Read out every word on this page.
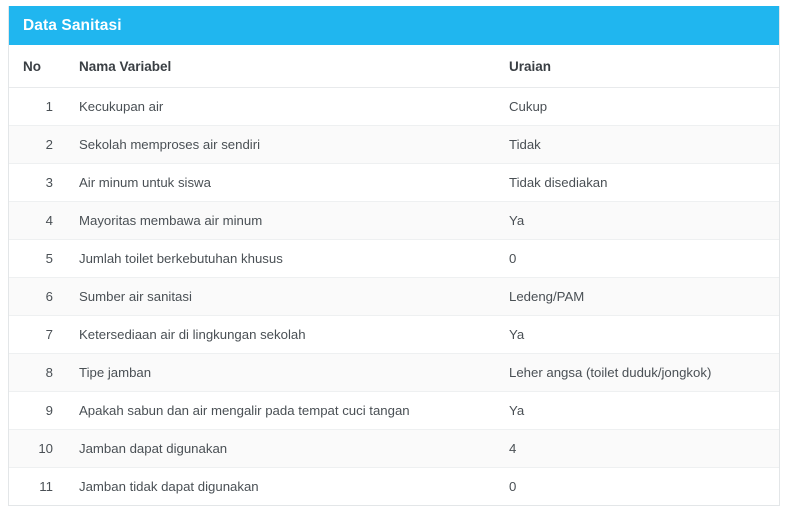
Data Sanitasi
No	Nama Variabel	Uraian
1	Kecukupan air	Cukup
2	Sekolah memproses air sendiri	Tidak
3	Air minum untuk siswa	Tidak disediakan
4	Mayoritas membawa air minum	Ya
5	Jumlah toilet berkebutuhan khusus	0
6	Sumber air sanitasi	Ledeng/PAM
7	Ketersediaan air di lingkungan sekolah	Ya
8	Tipe jamban	Leher angsa (toilet duduk/jongkok)
9	Apakah sabun dan air mengalir pada tempat cuci tangan	Ya
10	Jamban dapat digunakan	4
11	Jamban tidak dapat digunakan	0
